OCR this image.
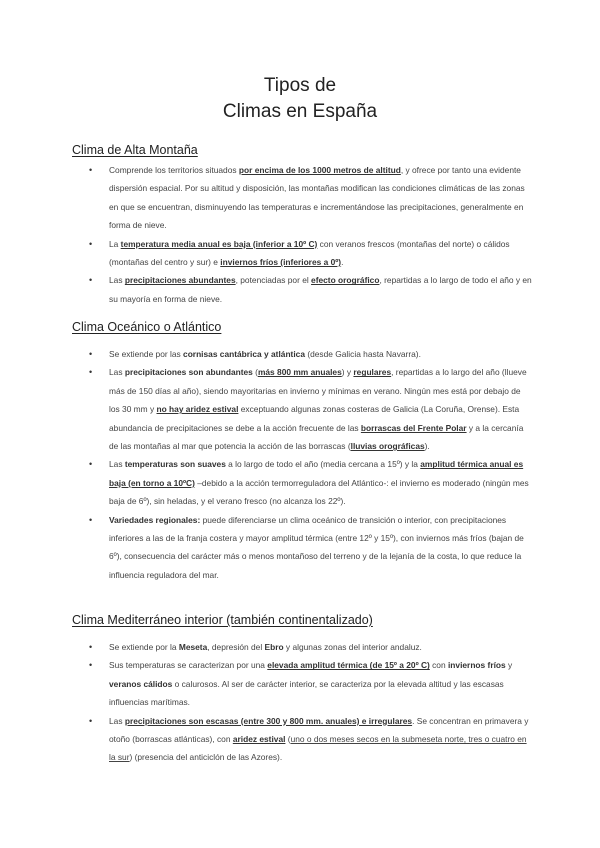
Tipos de
Climas en España
Clima de Alta Montaña
• Comprende los territorios situados por encima de los 1000 metros de altitud, y ofrece por tanto una evidente dispersión espacial. Por su altitud y disposición, las montañas modifican las condiciones climáticas de las zonas en que se encuentran, disminuyendo las temperaturas e incrementándose las precipitaciones, generalmente en forma de nieve.
• La temperatura media anual es baja (inferior a 10º C) con veranos frescos (montañas del norte) o cálidos (montañas del centro y sur) e inviernos fríos (inferiores a 0º).
• Las precipitaciones abundantes, potenciadas por el efecto orográfico, repartidas a lo largo de todo el año y en su mayoría en forma de nieve.
Clima Oceánico o Atlántico
• Se extiende por las cornisas cantábrica y atlántica (desde Galicia hasta Navarra).
• Las precipitaciones son abundantes (más 800 mm anuales) y regulares, repartidas a lo largo del año (llueve más de 150 días al año), siendo mayoritarias en invierno y mínimas en verano. Ningún mes está por debajo de los 30 mm y no hay aridez estival exceptuando algunas zonas costeras de Galicia (La Coruña, Orense). Esta abundancia de precipitaciones se debe a la acción frecuente de las borrascas del Frente Polar y a la cercanía de las montañas al mar que potencia la acción de las borrascas (lluvias orográficas).
• Las temperaturas son suaves a lo largo de todo el año (media cercana a 15º) y la amplitud térmica anual es baja (en torno a 10ºC) –debido a la acción termorreguladora del Atlántico-: el invierno es moderado (ningún mes baja de 6º), sin heladas, y el verano fresco (no alcanza los 22º).
• Variedades regionales: puede diferenciarse un clima oceánico de transición o interior, con precipitaciones inferiores a las de la franja costera y mayor amplitud térmica (entre 12º y 15º), con inviernos más fríos (bajan de 6º), consecuencia del carácter más o menos montañoso del terreno y de la lejanía de la costa, lo que reduce la influencia reguladora del mar.
Clima Mediterráneo interior (también continentalizado)
• Se extiende por la Meseta, depresión del Ebro y algunas zonas del interior andaluz.
• Sus temperaturas se caracterizan por una elevada amplitud térmica (de 15º a 20º C) con inviernos fríos y veranos cálidos o calurosos. Al ser de carácter interior, se caracteriza por la elevada altitud y las escasas influencias marítimas.
• Las precipitaciones son escasas (entre 300 y 800 mm. anuales) e irregulares. Se concentran en primavera y otoño (borrascas atlánticas), con aridez estival (uno o dos meses secos en la submeseta norte, tres o cuatro en la sur) (presencia del anticiclón de las Azores).
